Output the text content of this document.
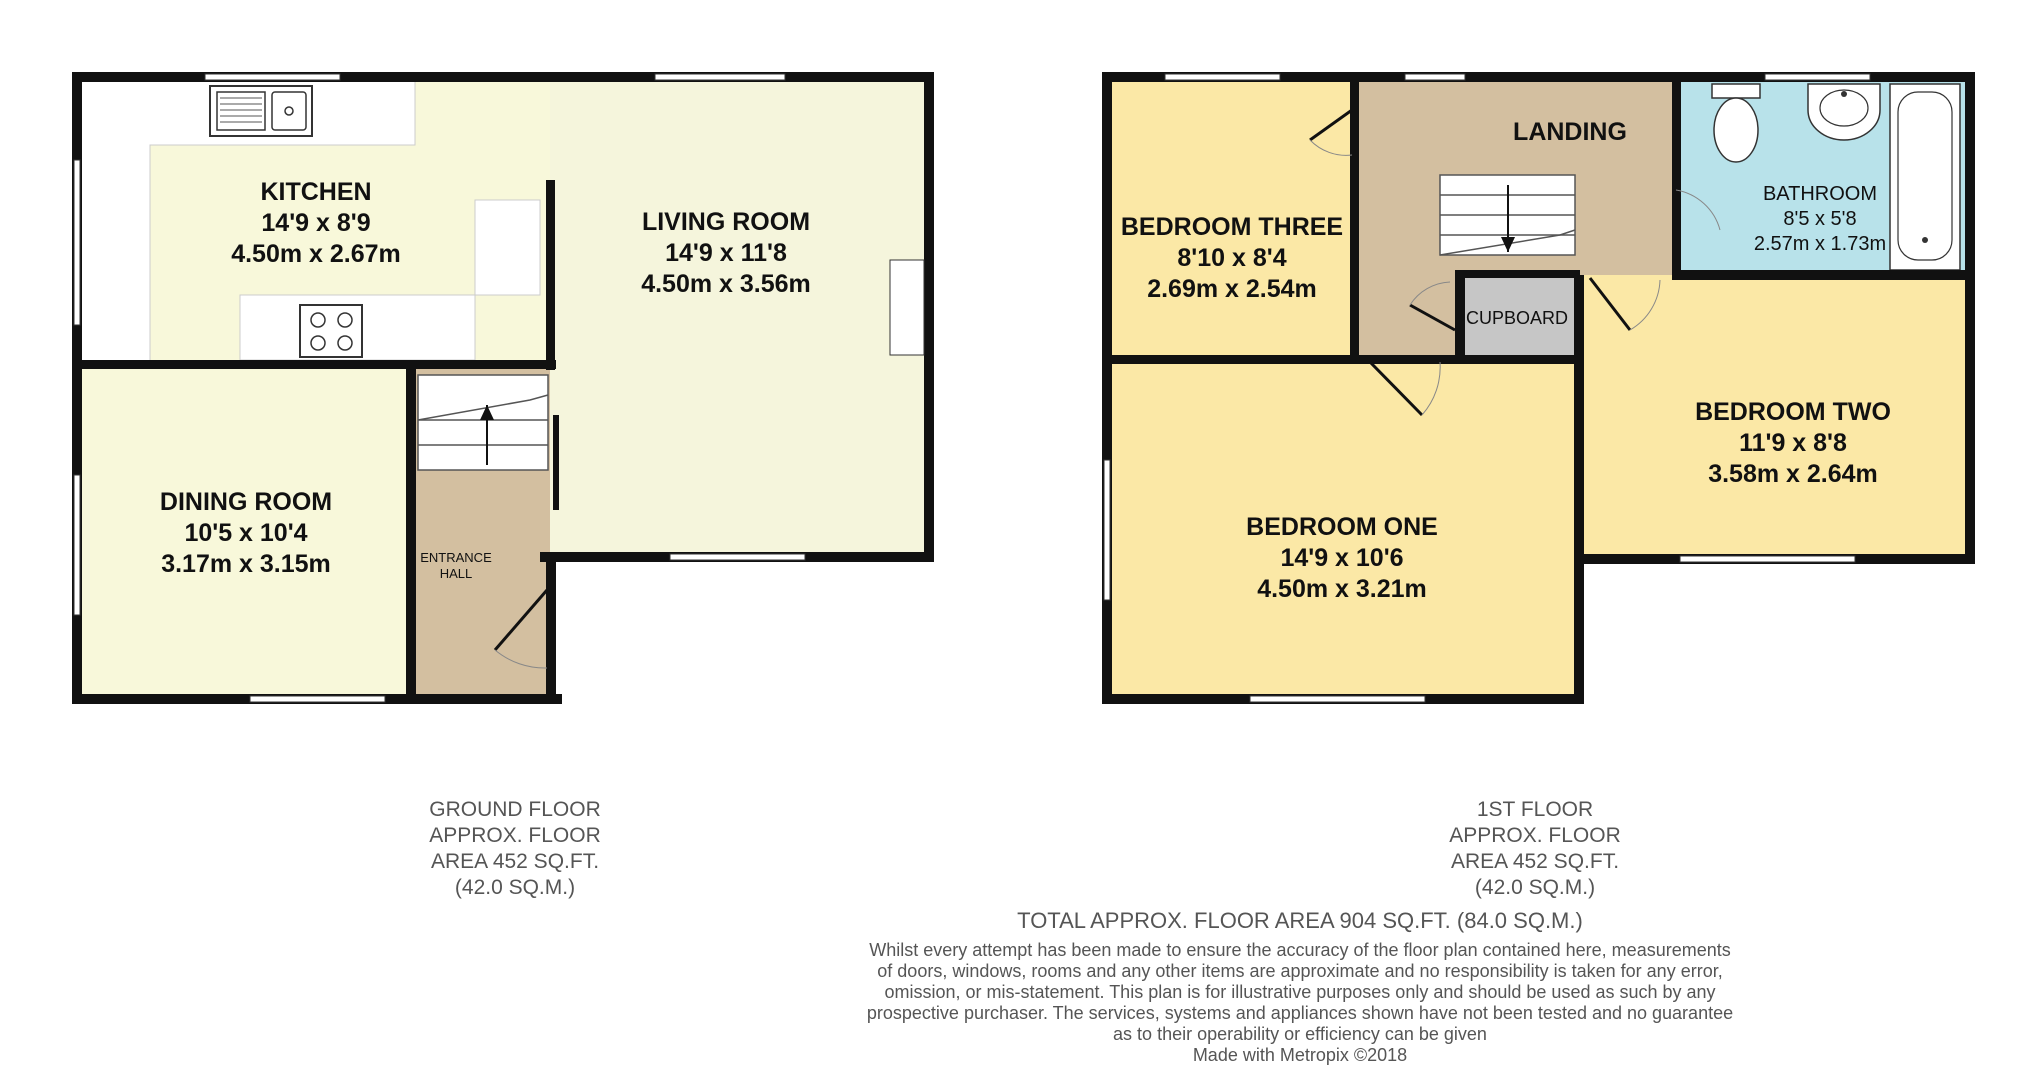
KITCHEN
14'9 x 8'9
4.50m x 2.67m
LIVING ROOM
14'9 x 11'8
4.50m x 3.56m
DINING ROOM
10'5 x 10'4
3.17m x 3.15m	ENTRANCE
HALL
BEDROOM THREE
8'10 x 8'4
2.69m x 2.54m
LANDING
BATHROOM
8'5 x 5'8
2.57m x 1.73m
CUPBOARD
BEDROOM TWO
11'9 x 8'8
3.58m x 2.64m
BEDROOM ONE
14'9 x 10'6
4.50m x 3.21m
GROUND FLOOR
APPROX. FLOOR
AREA 452 SQ.FT.
(42.0 SQ.M.)
1ST FLOOR
APPROX. FLOOR
AREA 452 SQ.FT.
(42.0 SQ.M.)
TOTAL APPROX. FLOOR AREA 904 SQ.FT. (84.0 SQ.M.)
Whilst every attempt has been made to ensure the accuracy of the floor plan contained here, measurements
of doors, windows, rooms and any other items are approximate and no responsibility is taken for any error,
omission, or mis-statement. This plan is for illustrative purposes only and should be used as such by any
prospective purchaser. The services, systems and appliances shown have not been tested and no guarantee
as to their operability or efficiency can be given
Made with Metropix ©2018
